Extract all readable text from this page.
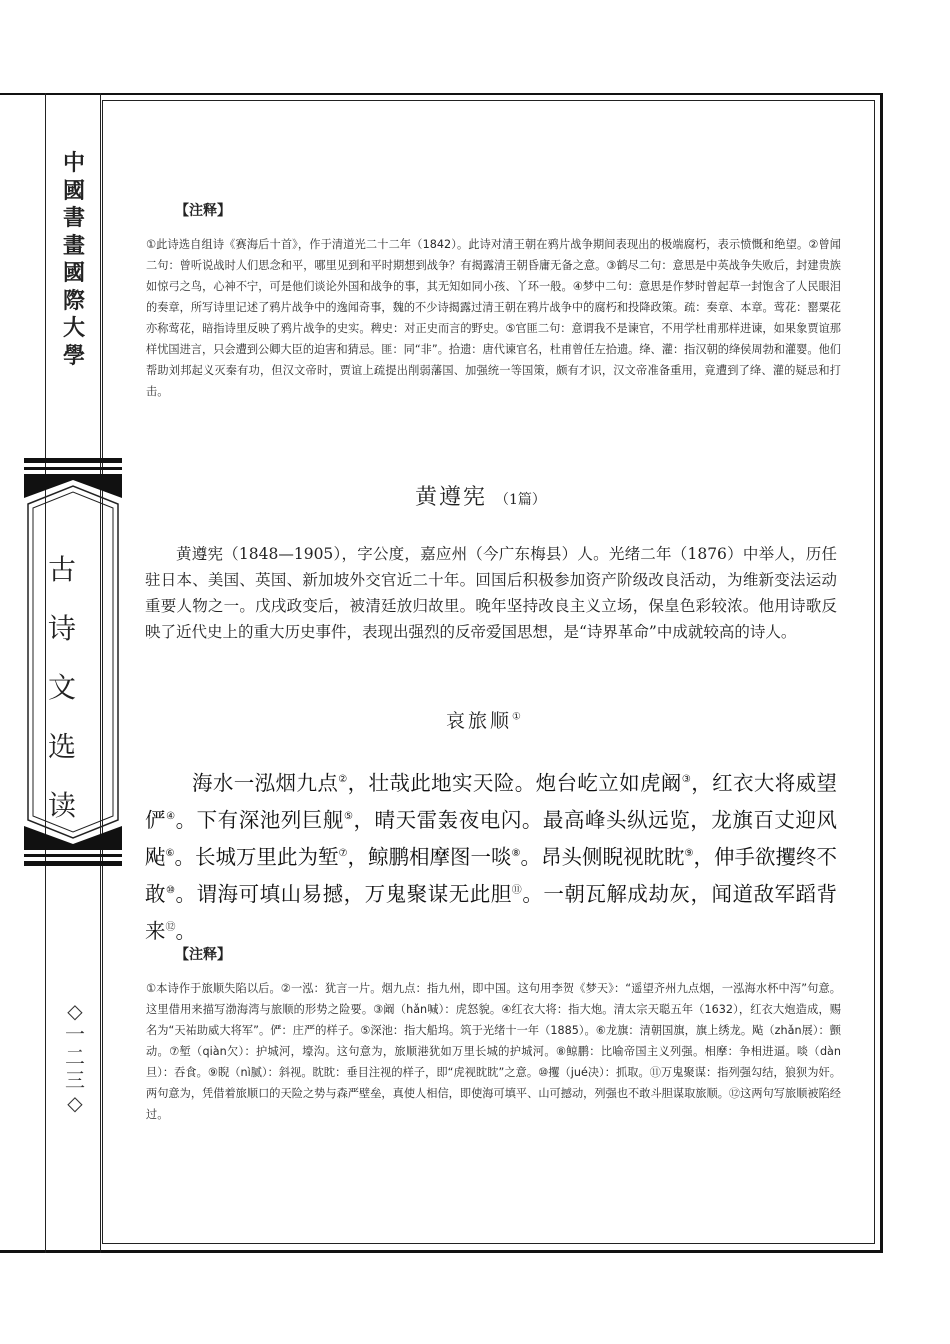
中國書畫國際大學
古诗文选读
◇一二三◇
【注释】
①此诗选自组诗《赛海后十首》，作于清道光二十二年（1842）。此诗对清王朝在鸦片战争期间表现出的极端腐朽，表示愤慨和绝望。②曾闻二句：曾听说战时人们思念和平，哪里见到和平时期想到战争？有揭露清王朝昏庸无备之意。③鹤尽二句：意思是中英战争失败后，封建贵族如惊弓之鸟，心神不宁，可是他们谈论外国和战争的事，其无知如同小孩、丫环一般。④梦中二句：意思是作梦时曾起草一封饱含了人民眼泪的奏章，所写诗里记述了鸦片战争中的逸闻奇事，魏的不少诗揭露过清王朝在鸦片战争中的腐朽和投降政策。疏：奏章、本章。莺花：罂粟花亦称莺花，暗指诗里反映了鸦片战争的史实。稗史：对正史而言的野史。⑤官匪二句：意谓我不是谏官，不用学杜甫那样进谏，如果象贾谊那样忧国进言，只会遭到公卿大臣的迫害和猜忌。匪：同“非”。拾遗：唐代谏官名，杜甫曾任左拾遗。绛、灌：指汉朝的绛侯周勃和灌婴。他们帮助刘邦起义灭秦有功，但汉文帝时，贾谊上疏提出削弱藩国、加强统一等国策，颇有才识，汉文帝准备重用，竟遭到了绛、灌的疑忌和打击。
黄遵宪 （1篇）
黄遵宪（1848—1905），字公度，嘉应州（今广东梅县）人。光绪二年（1876）中举人，历任驻日本、美国、英国、新加坡外交官近二十年。回国后积极参加资产阶级改良活动，为维新变法运动重要人物之一。戊戌政变后，被清廷放归故里。晚年坚持改良主义立场，保皇色彩较浓。他用诗歌反映了近代史上的重大历史事件，表现出强烈的反帝爱国思想，是“诗界革命”中成就较高的诗人。
哀旅顺①
海水一泓烟九点②，壮哉此地实天险。炮台屹立如虎阚③，红衣大将威望俨④。下有深池列巨舰⑤，晴天雷轰夜电闪。最高峰头纵远览，龙旗百丈迎风飐⑥。长城万里此为堑⑦，鲸鹏相摩图一啖⑧。昂头侧睨视眈眈⑨，伸手欲攫终不敢⑩。谓海可填山易撼，万鬼聚谋无此胆⑪。一朝瓦解成劫灰，闻道敌军蹈背来⑫。
【注释】
①本诗作于旅顺失陷以后。②一泓：犹言一片。烟九点：指九州，即中国。这句用李贺《梦天》：“遥望齐州九点烟，一泓海水杯中泻”句意。这里借用来描写渤海湾与旅顺的形势之险要。③阚（hǎn喊）：虎怒貌。④红衣大将：指大炮。清太宗天聪五年（1632），红衣大炮造成，赐名为“天祐助威大将军”。俨：庄严的样子。⑤深池：指大船坞。筑于光绪十一年（1885）。⑥龙旗：清朝国旗，旗上绣龙。飐（zhǎn展）：颤动。⑦堑（qiàn欠）：护城河，壕沟。这句意为，旅顺港犹如万里长城的护城河。⑧鲸鹏：比喻帝国主义列强。相摩：争相进逼。啖（dàn旦）：吞食。⑨睨（nì腻）：斜视。眈眈：垂目注视的样子，即“虎视眈眈”之意。⑩攫（jué决）：抓取。⑪万鬼聚谋：指列强勾结，狼狈为奸。两句意为，凭借着旅顺口的天险之势与森严壁垒，真使人相信，即使海可填平、山可撼动，列强也不敢斗胆谋取旅顺。⑫这两句写旅顺被陷经过。
